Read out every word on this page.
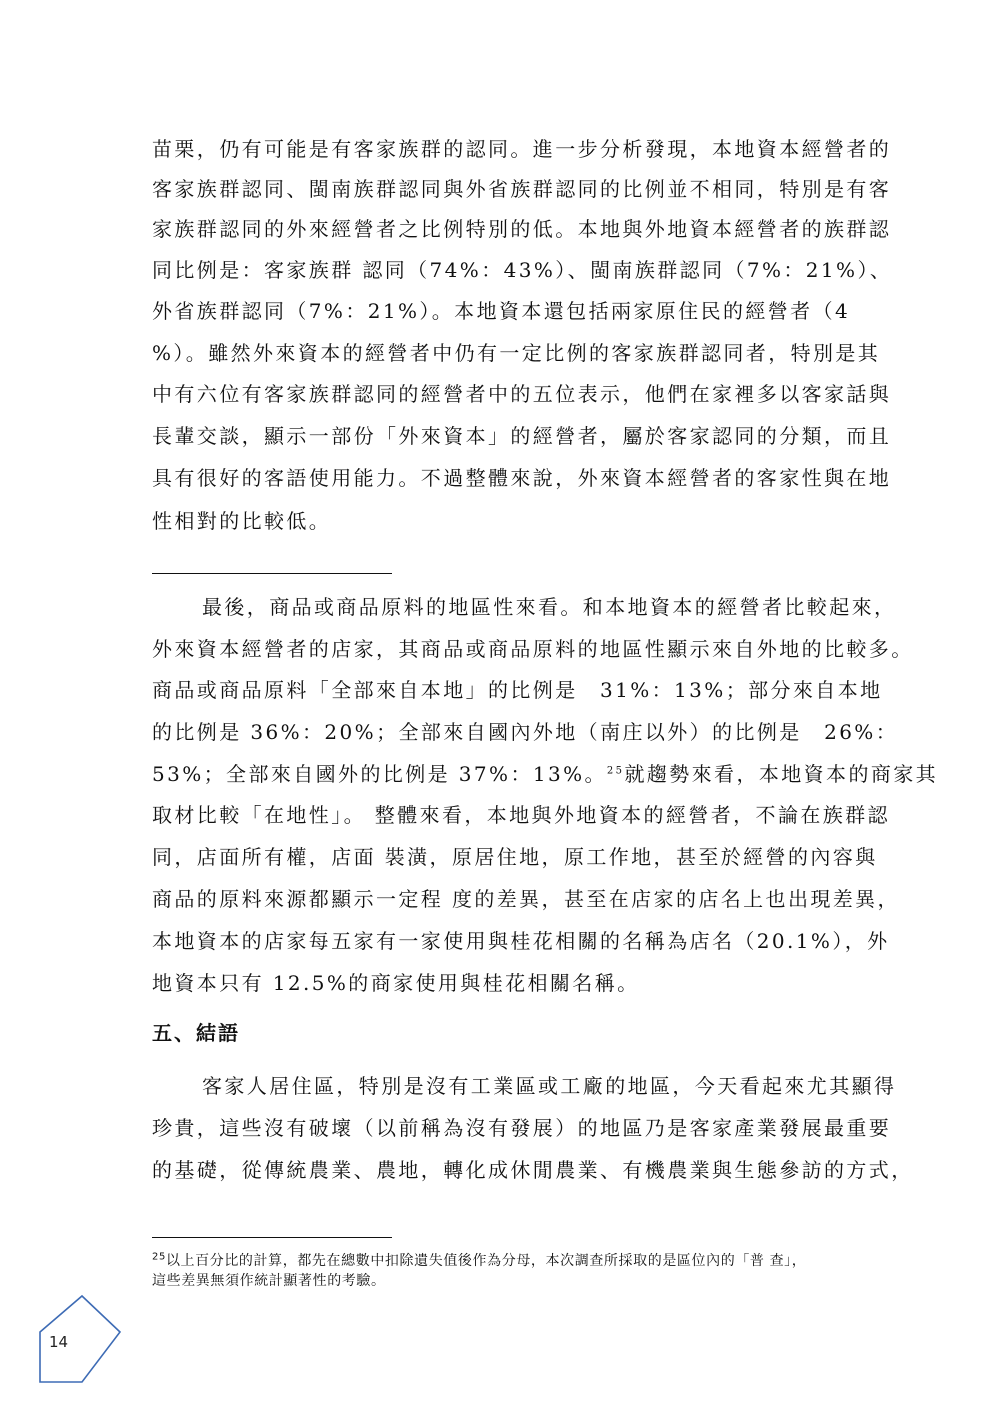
苗栗，仍有可能是有客家族群的認同。進一步分析發現，本地資本經營者的
客家族群認同、閩南族群認同與外省族群認同的比例並不相同，特別是有客
家族群認同的外來經營者之比例特別的低。本地與外地資本經營者的族群認
同比例是：客家族群 認同（74%：43%）、閩南族群認同（7%：21%）、
外省族群認同（7%：21%）。本地資本還包括兩家原住民的經營者（4
%）。雖然外來資本的經營者中仍有一定比例的客家族群認同者，特別是其
中有六位有客家族群認同的經營者中的五位表示，他們在家裡多以客家話與
長輩交談，顯示一部份「外來資本」的經營者，屬於客家認同的分類，而且
具有很好的客語使用能力。不過整體來說，外來資本經營者的客家性與在地
性相對的比較低。
最後，商品或商品原料的地區性來看。和本地資本的經營者比較起來，
外來資本經營者的店家，其商品或商品原料的地區性顯示來自外地的比較多。
商品或商品原料「全部來自本地」的比例是　31%：13%；部分來自本地
的比例是 36%：20%；全部來自國內外地（南庄以外）的比例是　26%：
53%；全部來自國外的比例是 37%：13%。$^{25}$就趨勢來看，本地資本的商家其
取材比較「在地性」。 整體來看，本地與外地資本的經營者，不論在族群認
同，店面所有權，店面 裝潢，原居住地，原工作地，甚至於經營的內容與
商品的原料來源都顯示一定程 度的差異，甚至在店家的店名上也出現差異，
本地資本的店家每五家有一家使用與桂花相關的名稱為店名（20.1%），外
地資本只有 12.5%的商家使用與桂花相關名稱。
五、結語
客家人居住區，特別是沒有工業區或工廠的地區，今天看起來尤其顯得
珍貴，這些沒有破壞（以前稱為沒有發展）的地區乃是客家產業發展最重要
的基礎，從傳統農業、農地，轉化成休閒農業、有機農業與生態參訪的方式，
$^{25}$以上百分比的計算，都先在總數中扣除遺失值後作為分母，本次調查所採取的是區位內的「普 查」，
這些差異無須作統計顯著性的考驗。
14
